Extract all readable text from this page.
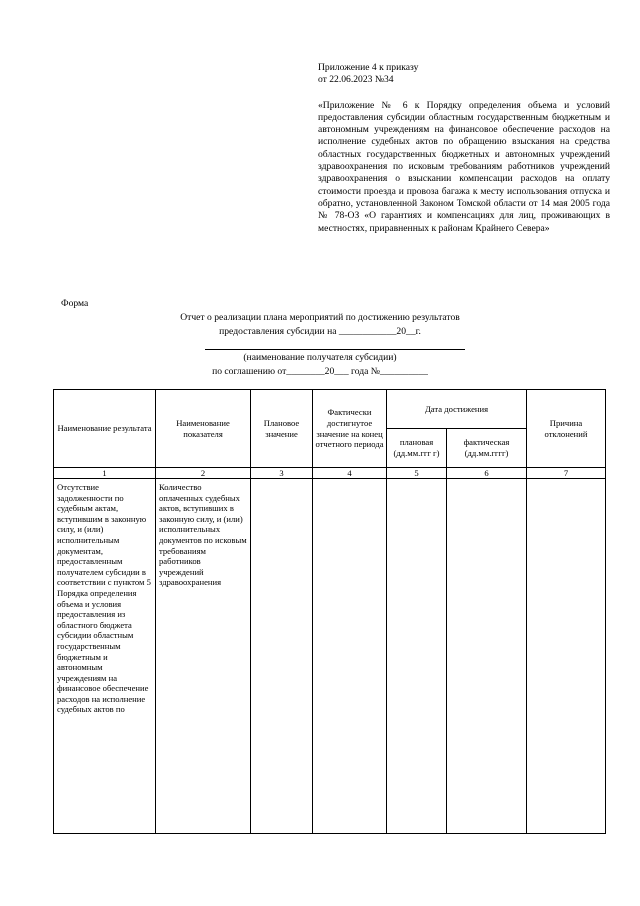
Приложение 4 к приказу
от 22.06.2023 №34
«Приложение № 6 к Порядку определения объема и условий предоставления субсидии областным государственным бюджетным и автономным учреждениям на финансовое обеспечение расходов на исполнение судебных актов по обращению взыскания на средства областных государственных бюджетных и автономных учреждений здравоохранения по исковым требованиям работников учреждений здравоохранения о взыскании компенсации расходов на оплату стоимости проезда и провоза багажа к месту использования отпуска и обратно, установленной Законом Томской области от 14 мая 2005 года № 78-ОЗ «О гарантиях и компенсациях для лиц, проживающих в местностях, приравненных к районам Крайнего Севера»
Форма
Отчет о реализации плана мероприятий по достижению результатов
предоставления субсидии на ____________20__г.
(наименование получателя субсидии)
по соглашению от________20___ года №__________
Наименование результата	Наименование показателя	Плановое значение	Фактически достигнутое значение на конец отчетного периода	Дата достижения		Причина отклонений
				плановая (дд.мм.ггг г)	фактическая (дд.мм.гггг)	
1	2	3	4	5	6	7
Отсутствие задолженности по судебным актам, вступившим в законную силу, и (или) исполнительным документам, предоставленным получателем субсидии в соответствии с пунктом 5 Порядка определения объема и условия предоставления из областного бюджета субсидии областным государственным бюджетным и автономным учреждениям на финансовое обеспечение расходов на исполнение судебных актов по	Количество оплаченных судебных актов, вступивших в законную силу, и (или) исполнительных документов по исковым требованиям работников учреждений здравоохранения					
